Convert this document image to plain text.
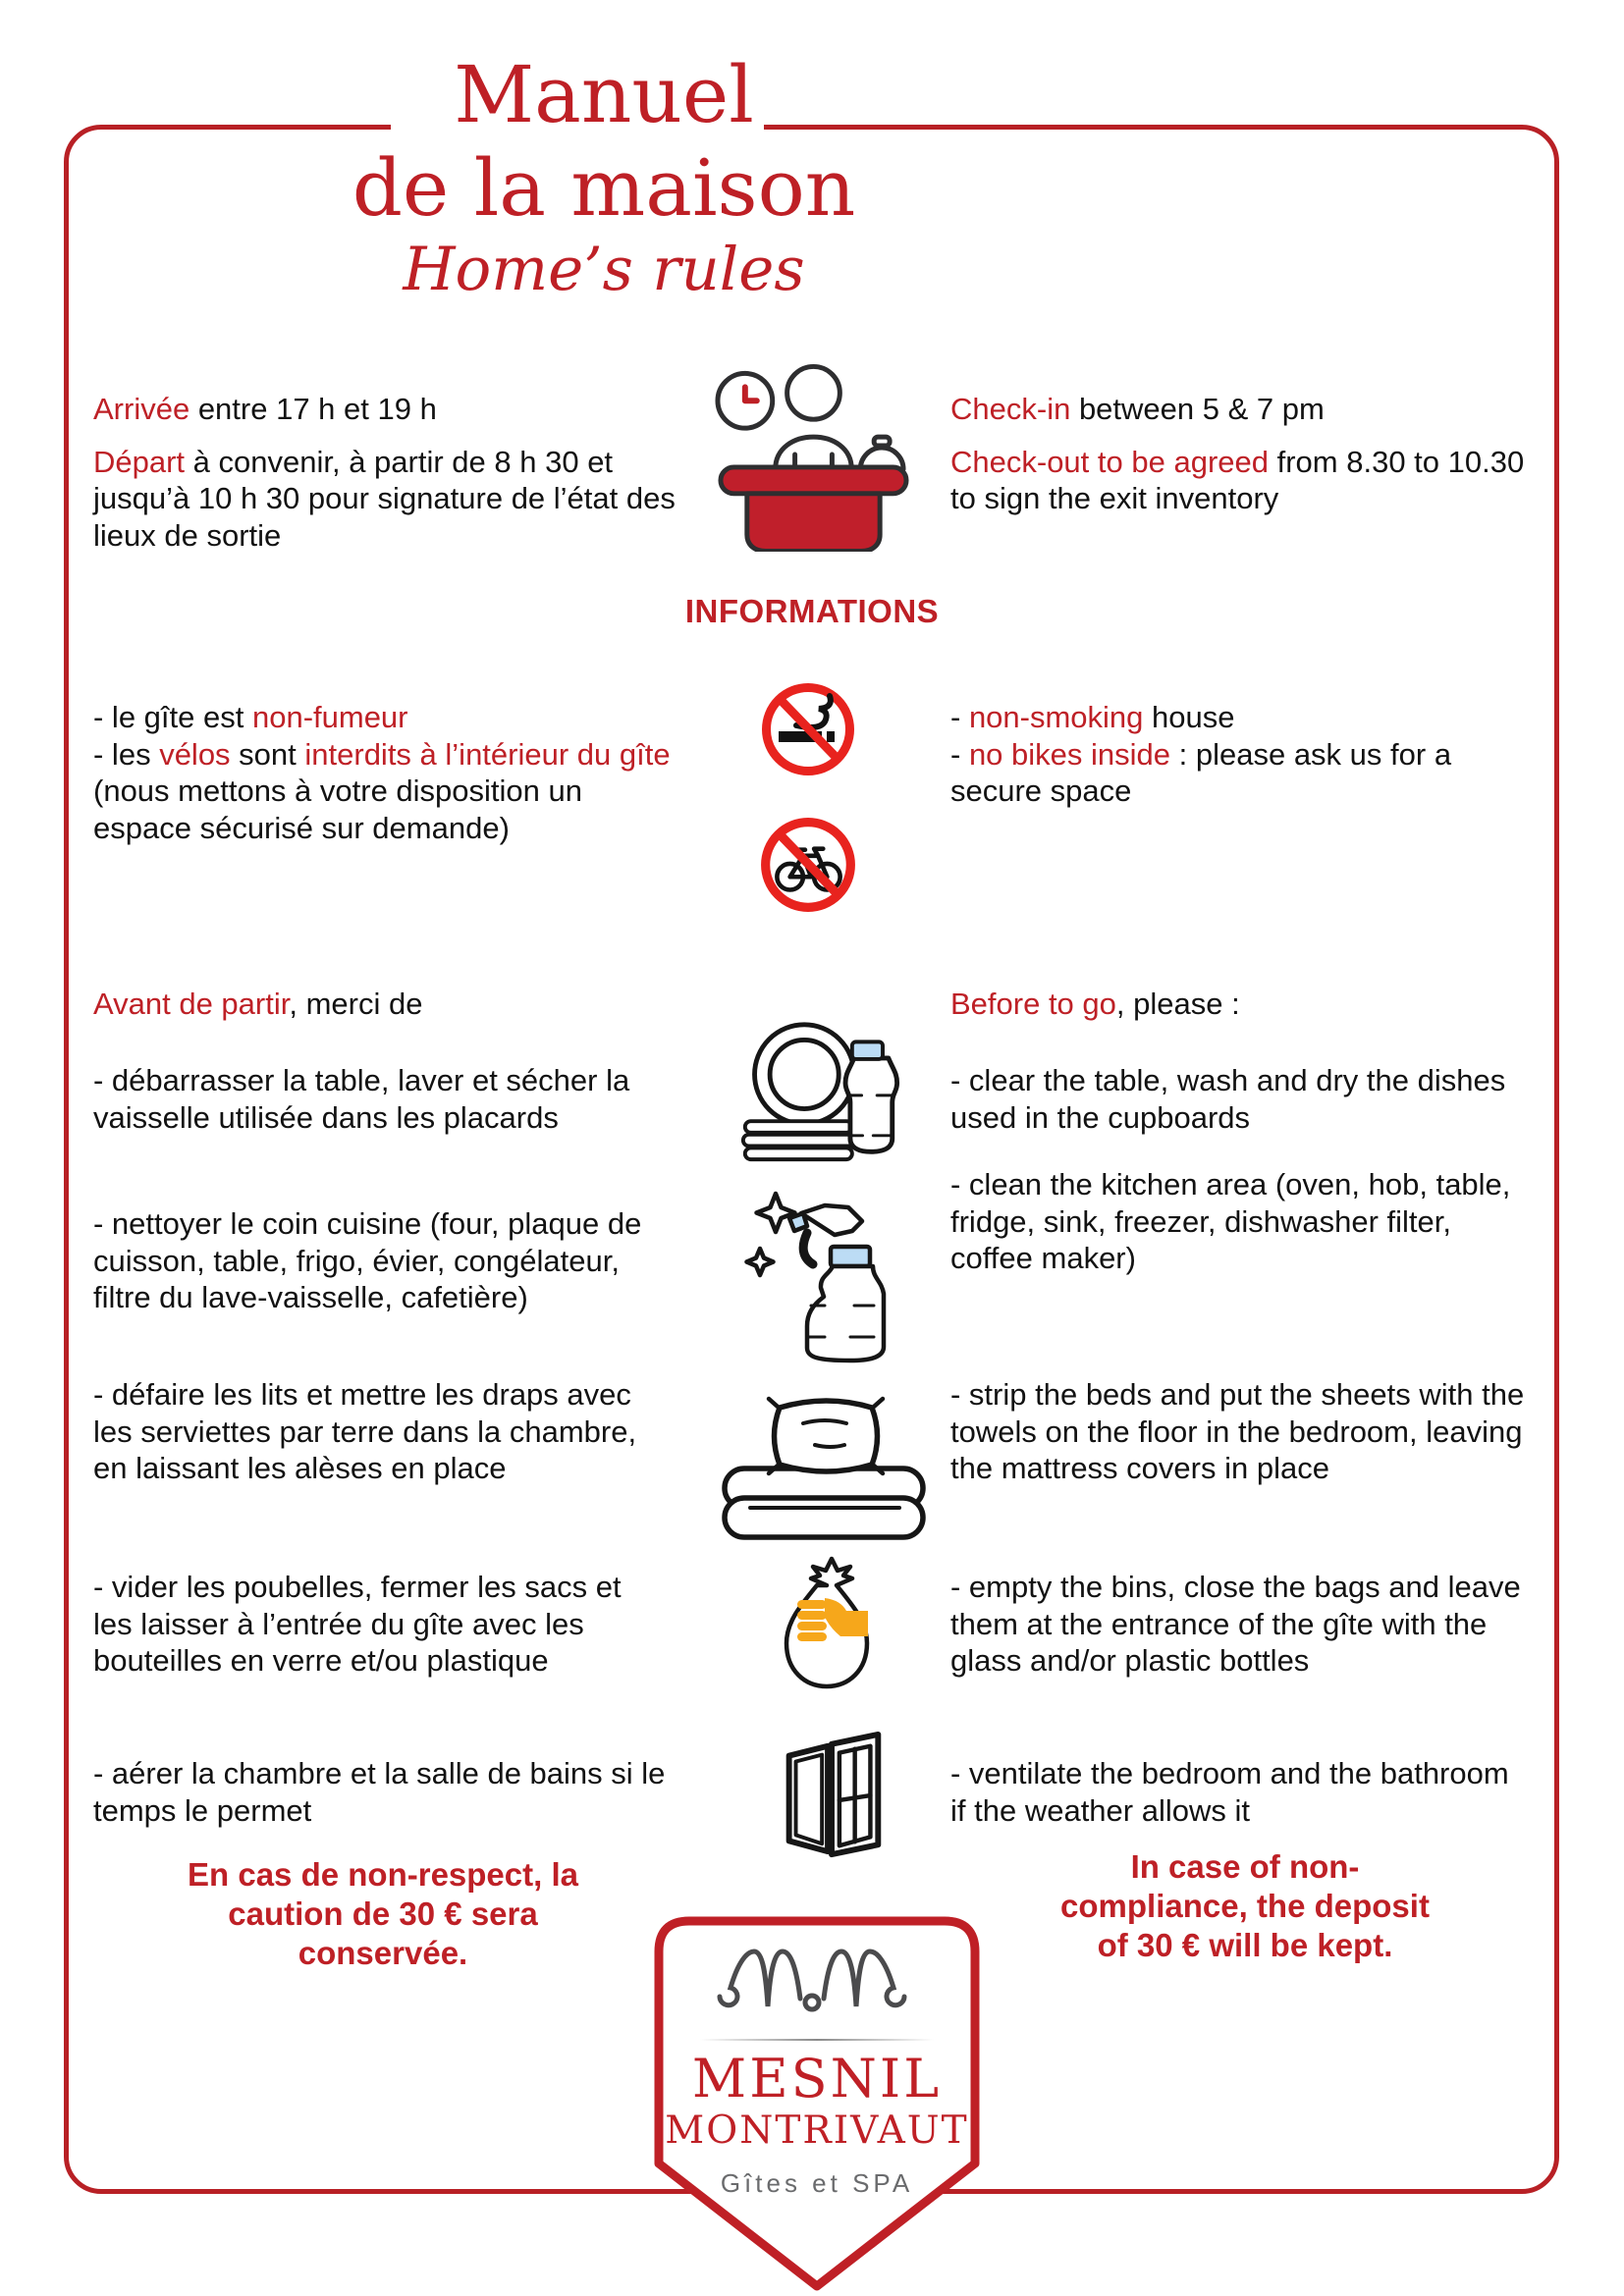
Manuel
de la maison
Home’s rules

Arrivée entre 17 h et 19 h

Départ à convenir, à partir de 8 h 30 et jusqu’à 10 h 30 pour signature de l’état des lieux de sortie

Check-in between 5 & 7 pm

Check-out to be agreed from 8.30 to 10.30 to sign the exit inventory

INFORMATIONS

- le gîte est non-fumeur

- les vélos sont interdits à l’intérieur du gîte (nous mettons à votre disposition un espace sécurisé sur demande)

- non-smoking house

- no bikes inside : please ask us for a secure space

Avant de partir, merci de	Before to go, please :

- débarrasser la table, laver et sécher la vaisselle utilisée dans les placards

- clear the table, wash and dry the dishes used in the cupboards

- nettoyer le coin cuisine (four, plaque de cuisson, table, frigo, évier, congélateur, filtre du lave-vaisselle, cafetière)

- clean the kitchen area (oven, hob, table, fridge, sink, freezer, dishwasher filter, coffee maker)

- défaire les lits et mettre les draps avec les serviettes par terre dans la chambre, en laissant les alèses en place

- strip the beds and put the sheets with the towels on the floor in the bedroom, leaving the mattress covers in place

- vider les poubelles, fermer les sacs et les laisser à l’entrée du gîte avec les bouteilles en verre et/ou plastique

- empty the bins, close the bags and leave them at the entrance of the gîte with the glass and/or plastic bottles

- aérer la chambre et la salle de bains si le temps le permet

- ventilate the bedroom and the bathroom if the weather allows it

En cas de non-respect, la caution de 30 € sera conservée.
In case of non-compliance, the deposit of 30 € will be kept.
MESNIL
MONTRIVAUT
Gîtes et SPA
